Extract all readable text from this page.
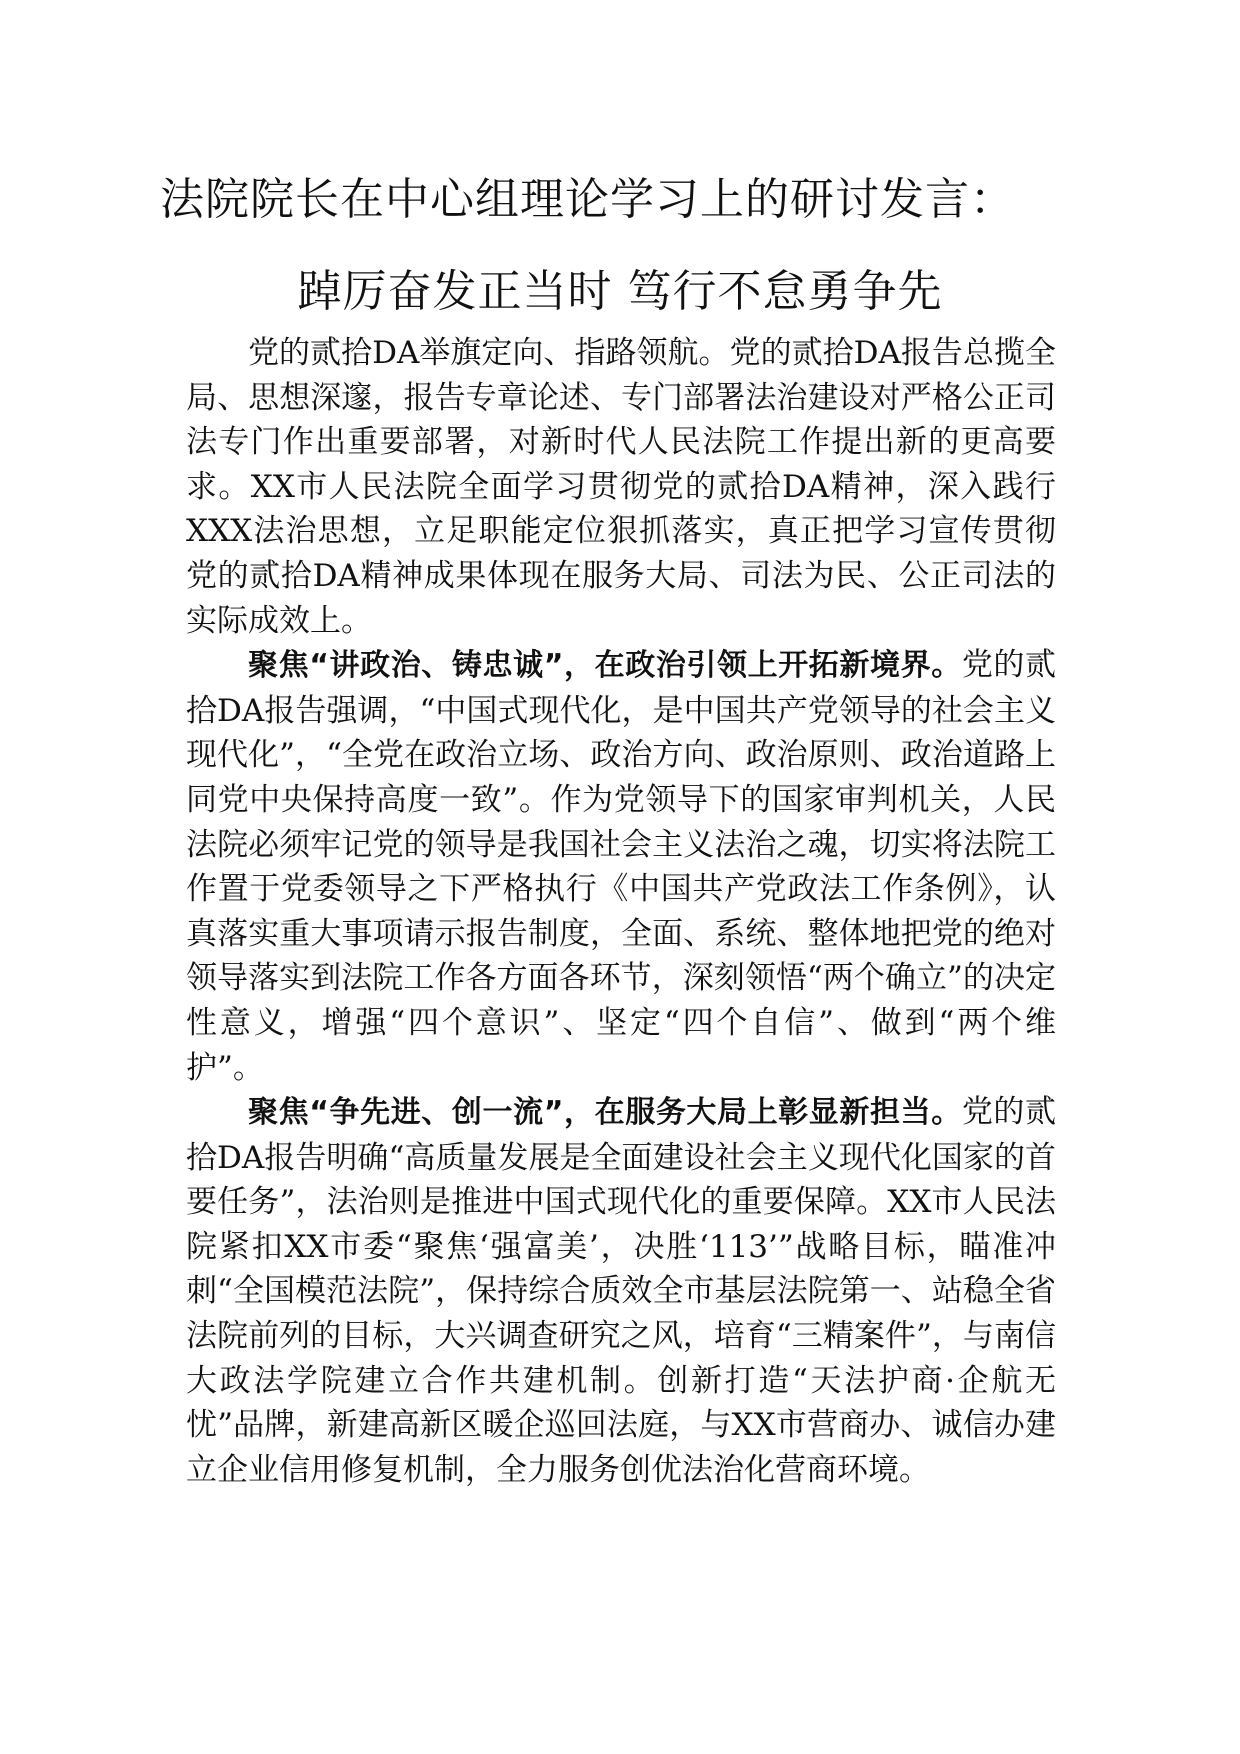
法院院长在中心组理论学习上的研讨发言：
踔厉奋发正当时 笃行不怠勇争先

党的贰拾DA举旗定向、指路领航。党的贰拾DA报告总揽全局、思想深邃，报告专章论述、专门部署法治建设对严格公正司法专门作出重要部署，对新时代人民法院工作提出新的更高要求。XX市人民法院全面学习贯彻党的贰拾DA精神，深入践行XXX法治思想，立足职能定位狠抓落实，真正把学习宣传贯彻党的贰拾DA精神成果体现在服务大局、司法为民、公正司法的实际成效上。

聚焦“讲政治、铸忠诚”，在政治引领上开拓新境界。党的贰拾DA报告强调，“中国式现代化，是中国共产党领导的社会主义现代化”，“全党在政治立场、政治方向、政治原则、政治道路上同党中央保持高度一致”。作为党领导下的国家审判机关，人民法院必须牢记党的领导是我国社会主义法治之魂，切实将法院工作置于党委领导之下严格执行《中国共产党政法工作条例》，认真落实重大事项请示报告制度，全面、系统、整体地把党的绝对领导落实到法院工作各方面各环节，深刻领悟“两个确立”的决定性意义，增强“四个意识”、坚定“四个自信”、做到“两个维护”。

聚焦“争先进、创一流”，在服务大局上彰显新担当。党的贰拾DA报告明确“高质量发展是全面建设社会主义现代化国家的首要任务”，法治则是推进中国式现代化的重要保障。XX市人民法院紧扣XX市委“聚焦‘强富美’，决胜‘113’”战略目标，瞄准冲刺“全国模范法院”，保持综合质效全市基层法院第一、站稳全省法院前列的目标，大兴调查研究之风，培育“三精案件”，与南信大政法学院建立合作共建机制。创新打造“天法护商·企航无忧”品牌，新建高新区暖企巡回法庭，与XX市营商办、诚信办建立企业信用修复机制，全力服务创优法治化营商环境。
